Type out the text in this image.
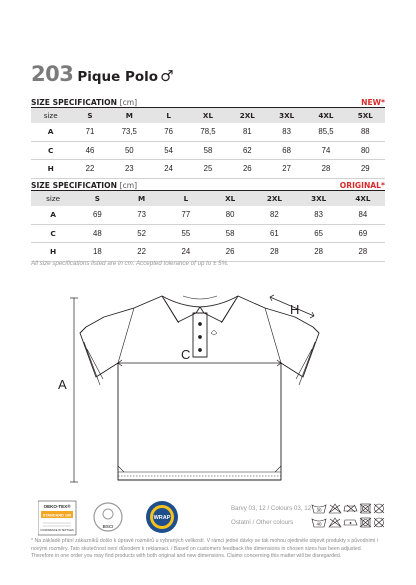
203 Pique Polo ♂
SIZE SPECIFICATION [cm]	NEW*
size	S	M	L	XL	2XL	3XL	4XL	5XL
A	71	73,5	76	78,5	81	83	85,5	88
C	46	50	54	58	62	68	74	80
H	22	23	24	25	26	27	28	29
SIZE SPECIFICATION [cm]	ORIGINAL*
size	S	M	L	XL	2XL	3XL	4XL
A	69	73	77	80	82	83	84
C	48	52	55	58	61	65	69
H	18	22	24	26	28	28	28
All size specifications listed are in cm. Accepted tolerance of up to ± 5%.
A
C
H
OEKO-TEX®
STANDARD 100
CONFIDENCE IN TEXTILES
BSCI
WRAP
Barvy 03, 12 / Colours 03, 12
Ostatní / Other colours
30
40
* Na základě přání zákazníků došlo k úpravě rozměrů u vybraných velikostí. V rámci jedné dávky se tak mohou ojediněle objevit produkty s původními i novými rozměry. Tato skutečnost není důvodem k reklamaci. / Based on customers feedback the dimensions in chosen sizes has been adjusted. Therefore in one order you may find products with both original and new dimensions. Claims concerning this matter will be disregarded.
